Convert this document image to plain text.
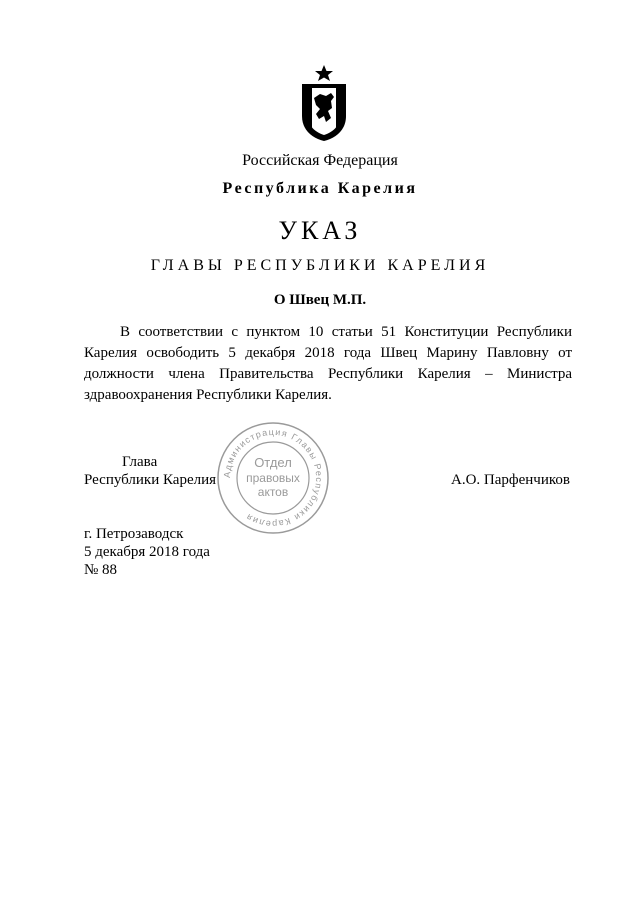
Российская Федерация
Республика Карелия
УКАЗ
ГЛАВЫ РЕСПУБЛИКИ КАРЕЛИЯ
О Швец М.П.
В соответствии с пунктом 10 статьи 51 Конституции Республики Карелия освободить 5 декабря 2018 года Швец Марину Павловну от должности члена Правительства Республики Карелия – Министра здравоохранения Республики Карелия.
Глава
Республики Карелия	А.О. Парфенчиков
Администрация Главы Республики Карелия
Отдел
правовых
актов
г. Петрозаводск
5 декабря 2018 года
№ 88
